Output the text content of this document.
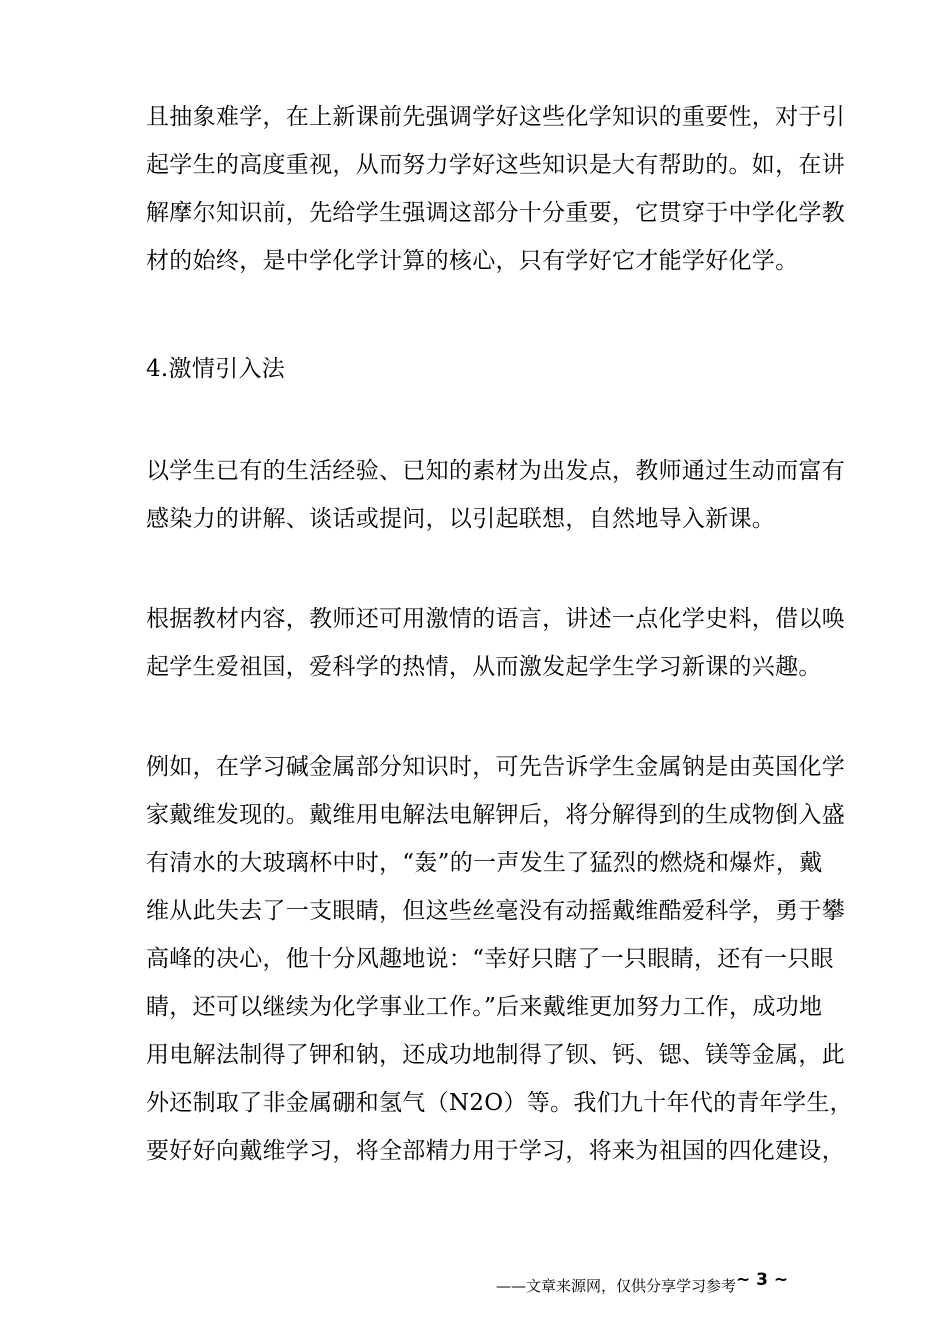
且抽象难学，在上新课前先强调学好这些化学知识的重要性，对于引
起学生的高度重视，从而努力学好这些知识是大有帮助的。如，在讲
解摩尔知识前，先给学生强调这部分十分重要，它贯穿于中学化学教
材的始终，是中学化学计算的核心，只有学好它才能学好化学。
4.激情引入法
以学生已有的生活经验、已知的素材为出发点，教师通过生动而富有
感染力的讲解、谈话或提问，以引起联想，自然地导入新课。
根据教材内容，教师还可用激情的语言，讲述一点化学史料，借以唤
起学生爱祖国，爱科学的热情，从而激发起学生学习新课的兴趣。
例如，在学习碱金属部分知识时，可先告诉学生金属钠是由英国化学
家戴维发现的。戴维用电解法电解钾后，将分解得到的生成物倒入盛
有清水的大玻璃杯中时，“轰”的一声发生了猛烈的燃烧和爆炸，戴
维从此失去了一支眼睛，但这些丝毫没有动摇戴维酷爱科学，勇于攀
高峰的决心，他十分风趣地说：“幸好只瞎了一只眼睛，还有一只眼
睛，还可以继续为化学事业工作。”后来戴维更加努力工作，成功地
用电解法制得了钾和钠，还成功地制得了钡、钙、锶、镁等金属，此
外还制取了非金属硼和氢气（N2O）等。我们九十年代的青年学生，
要好好向戴维学习，将全部精力用于学习，将来为祖国的四化建设，
——文章来源网，仅供分享学习参考 ~ 3 ~
